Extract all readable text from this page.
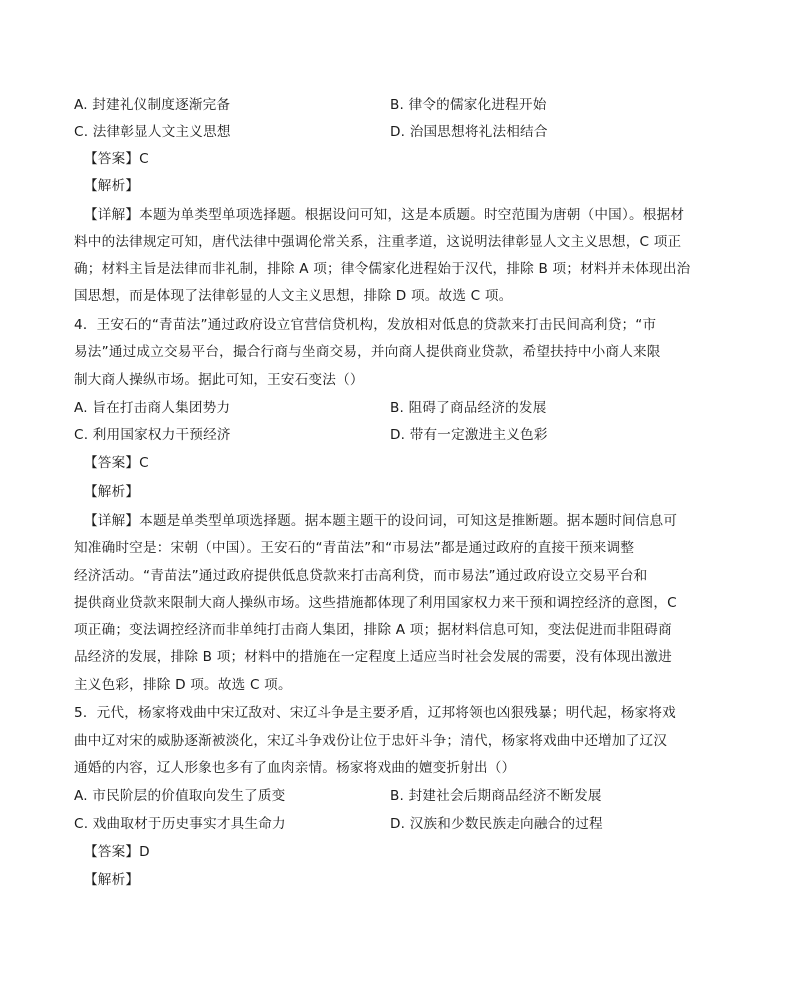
A. 封建礼仪制度逐渐完备	B. 律令的儒家化进程开始
C. 法律彰显人文主义思想	D. 治国思想将礼法相结合
【答案】C
【解析】
【详解】本题为单类型单项选择题。根据设问可知，这是本质题。时空范围为唐朝（中国）。根据材
料中的法律规定可知，唐代法律中强调伦常关系，注重孝道，这说明法律彰显人文主义思想，C 项正
确；材料主旨是法律而非礼制，排除 A 项；律令儒家化进程始于汉代，排除 B 项；材料并未体现出治
国思想，而是体现了法律彰显的人文主义思想，排除 D 项。故选 C 项。
4．王安石的“青苗法”通过政府设立官营信贷机构，发放相对低息的贷款来打击民间高利贷；“市
易法”通过成立交易平台，撮合行商与坐商交易，并向商人提供商业贷款，希望扶持中小商人来限
制大商人操纵市场。据此可知，王安石变法（）
A. 旨在打击商人集团势力	B. 阻碍了商品经济的发展
C. 利用国家权力干预经济	D. 带有一定激进主义色彩
【答案】C
【解析】
【详解】本题是单类型单项选择题。据本题主题干的设问词，可知这是推断题。据本题时间信息可
知准确时空是：宋朝（中国）。王安石的“青苗法”和“市易法”都是通过政府的直接干预来调整
经济活动。“青苗法”通过政府提供低息贷款来打击高利贷，而市易法”通过政府设立交易平台和
提供商业贷款来限制大商人操纵市场。这些措施都体现了利用国家权力来干预和调控经济的意图，C
项正确；变法调控经济而非单纯打击商人集团，排除 A 项；据材料信息可知，变法促进而非阻碍商
品经济的发展，排除 B 项；材料中的措施在一定程度上适应当时社会发展的需要，没有体现出激进
主义色彩，排除 D 项。故选 C 项。
5．元代，杨家将戏曲中宋辽敌对、宋辽斗争是主要矛盾，辽邦将领也凶狠残暴；明代起，杨家将戏
曲中辽对宋的威胁逐渐被淡化，宋辽斗争戏份让位于忠奸斗争；清代，杨家将戏曲中还增加了辽汉
通婚的内容，辽人形象也多有了血肉亲情。杨家将戏曲的嬗变折射出（）
A. 市民阶层的价值取向发生了质变	B. 封建社会后期商品经济不断发展
C. 戏曲取材于历史事实才具生命力	D. 汉族和少数民族走向融合的过程
【答案】D
【解析】
